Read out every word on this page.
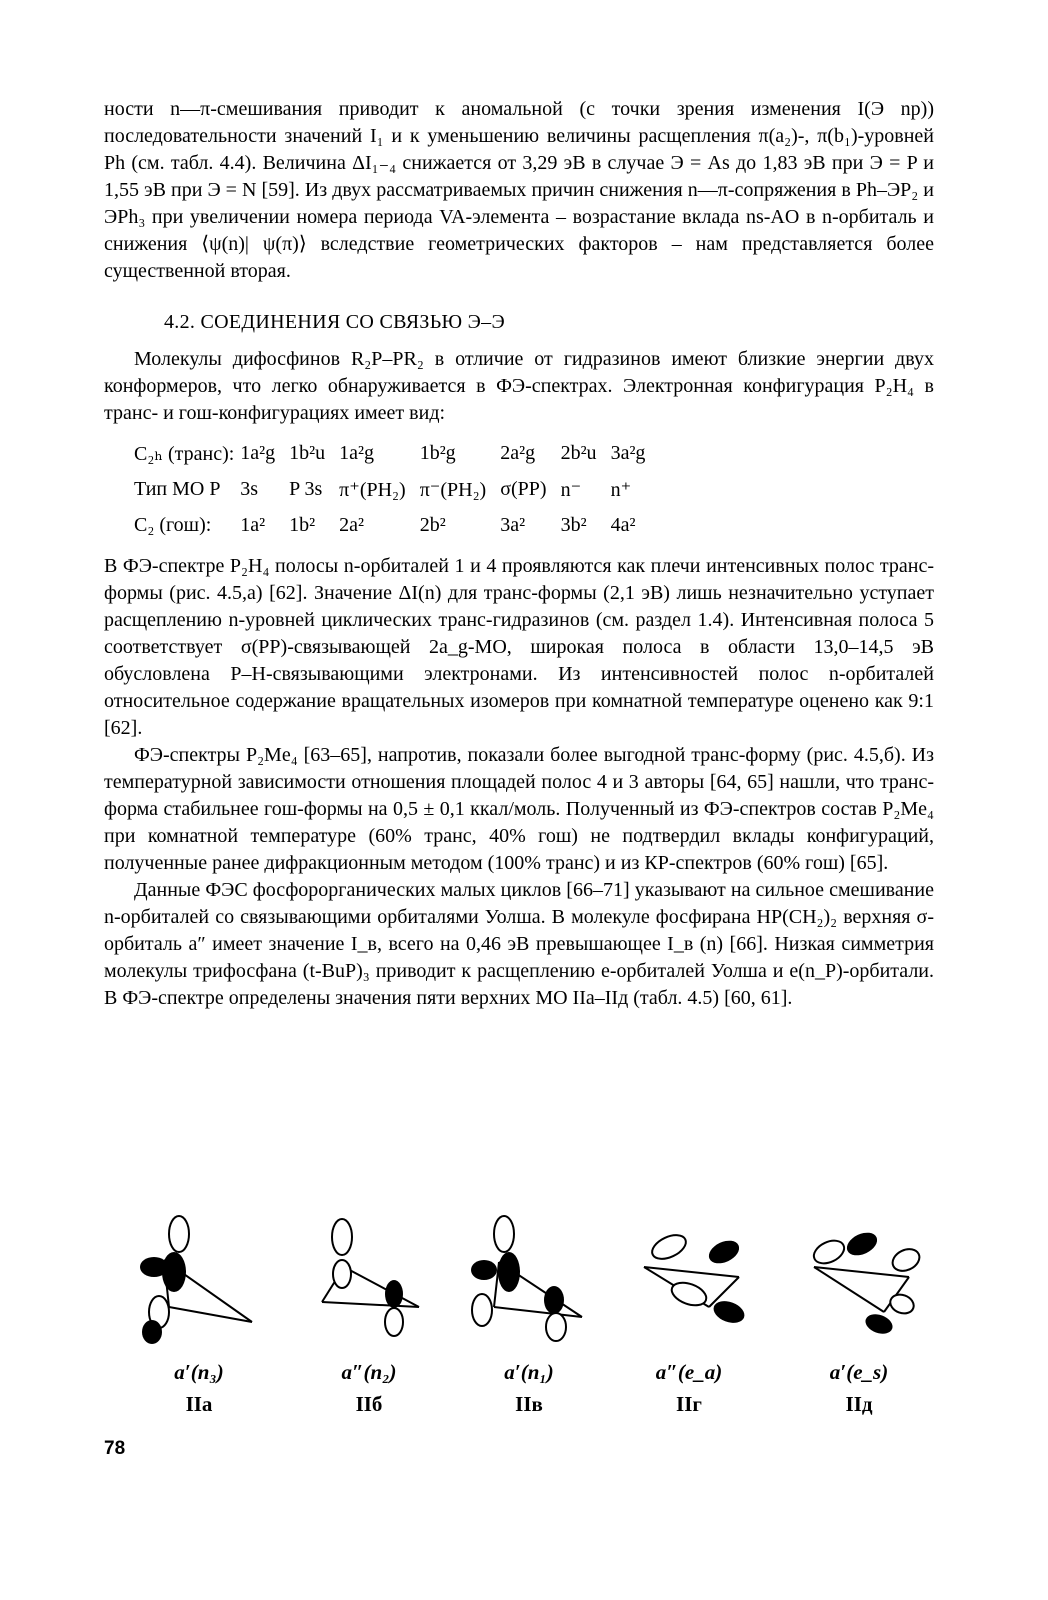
ности n—π-смешивания приводит к аномальной (с точки зрения изменения I(Э np)) последовательности значений I₁ и к уменьшению величины расщепления π(a₂)-, π(b₁)-уровней Ph (см. табл. 4.4). Величина ΔI₁₋₄ снижается от 3,29 эВ в случае Э = As до 1,83 эВ при Э = P и 1,55 эВ при Э = N [59]. Из двух рассматриваемых причин снижения n—π-сопряжения в Ph–ЭР₂ и ЭPh₃ при увеличении номера периода VA-элемента – возрастание вклада ns-AO в n-орбиталь и снижения ⟨ψ(n)| ψ(π)⟩ вследствие геометрических факторов – нам представляется более существенной вторая.

4.2. СОЕДИНЕНИЯ СО СВЯЗЬЮ Э–Э

Молекулы дифосфинов R₂P–PR₂ в отличие от гидразинов имеют близкие энергии двух конформеров, что легко обнаруживается в ФЭ-спектрах. Электронная конфигурация P₂H₄ в транс- и гош-конфигурациях имеет вид:

C₂ₕ (транс):	1a²g	1b²u	1a²g	1b²g	2a²g	2b²u	3a²g
Тип МО Р	3s	P 3s	π⁺(PH₂)	π⁻(PH₂)	σ(PP)	n⁻	n⁺
C₂ (гош):	1a²	1b²	2a²	2b²	3a²	3b²	4a²

В ФЭ-спектре P₂H₄ полосы n-орбиталей 1 и 4 проявляются как плечи интенсивных полос транс-формы (рис. 4.5,а) [62]. Значение ΔI(n) для транс-формы (2,1 эВ) лишь незначительно уступает расщеплению n-уровней циклических транс-гидразинов (см. раздел 1.4). Интенсивная полоса 5 соответствует σ(PP)-связывающей 2a_g-MO, широкая полоса в области 13,0–14,5 эВ обусловлена P–H-связывающими электронами. Из интенсивностей полос n-орбиталей относительное содержание вращательных изомеров при комнатной температуре оценено как 9:1 [62].

ФЭ-спектры P₂Me₄ [63–65], напротив, показали более выгодной транс-форму (рис. 4.5,б). Из температурной зависимости отношения площадей полос 4 и 3 авторы [64, 65] нашли, что транс-форма стабильнее гош-формы на 0,5 ± 0,1 ккал/моль. Полученный из ФЭ-спектров состав P₂Me₄ при комнатной температуре (60% транс, 40% гош) не подтвердил вклады конфигураций, полученные ранее дифракционным методом (100% транс) и из КР-спектров (60% гош) [65].

Данные ФЭС фосфорорганических малых циклов [66–71] указывают на сильное смешивание n-орбиталей со связывающими орбиталями Уолша. В молекуле фосфирана HP(CH₂)₂ верхняя σ-орбиталь a″ имеет значение I_в, всего на 0,46 эВ превышающее I_в (n) [66]. Низкая симметрия молекулы трифосфана (t-BuP)₃ приводит к расщеплению e-орбиталей Уолша и e(n_P)-орбитали. В ФЭ-спектре определены значения пяти верхних МО IIа–IIд (табл. 4.5) [60, 61].

a′(n₃)
IIа
a″(n₂)
IIб
a′(n₁)
IIв
a″(e_a)
IIг
a′(e_s)
IIд
78
